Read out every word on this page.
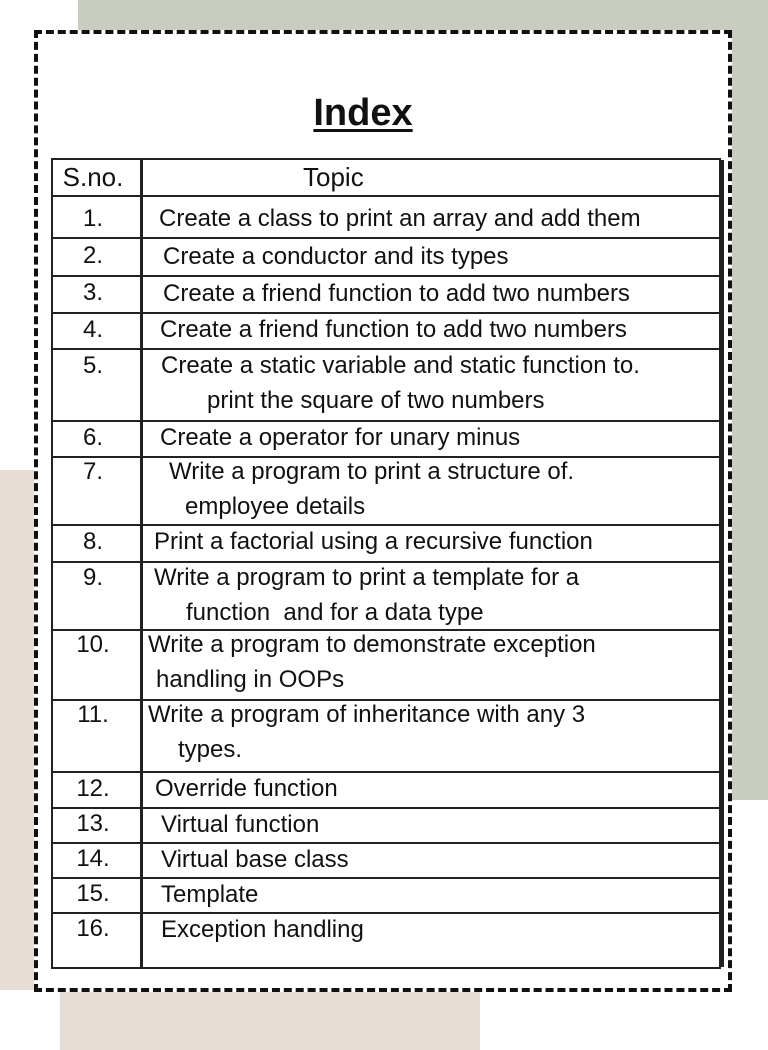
Index
S.no.	Topic
1.	Create a class to print an array and add them
2.	Create a conductor and its types
3.	Create a friend function to add two numbers
4.	Create a friend function to add two numbers
5.	Create a static variable and static function to.
print the square of two numbers
6.	Create a operator for unary minus
7.	Write a program to print a structure of.
employee details
8.	Print a factorial using a recursive function
9.	Write a program to print a template for a
function  and for a data type
10.	Write a program to demonstrate exception
handling in OOPs
11.	Write a program of inheritance with any 3
types.
12.	Override function
13.	Virtual function
14.	Virtual base class
15.	Template
16.	Exception handling
